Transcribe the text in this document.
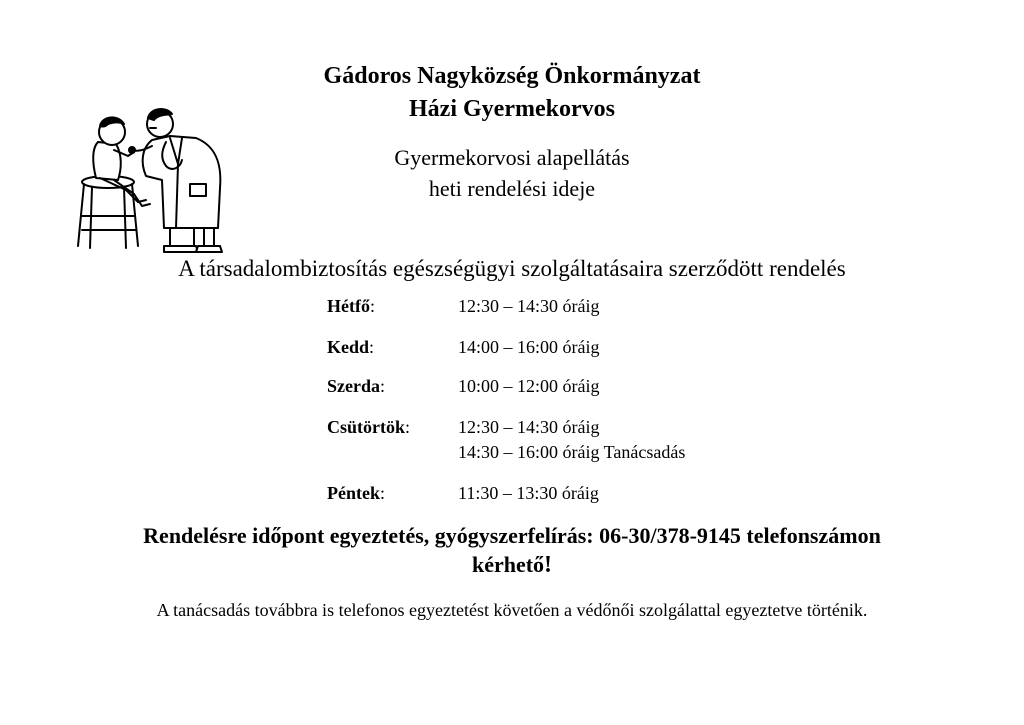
Gádoros Nagyközség Önkormányzat
Házi Gyermekorvos
Gyermekorvosi alapellátás
heti rendelési ideje
A társadalombiztosítás egészségügyi szolgáltatásaira szerződött rendelés
Hétfő:	12:30 – 14:30 óráig
Kedd:	14:00 – 16:00 óráig
Szerda:	10:00 – 12:00 óráig
Csütörtök:	12:30 – 14:30 óráig
14:30 – 16:00 óráig Tanácsadás
Péntek:	11:30 – 13:30 óráig
Rendelésre időpont egyeztetés, gyógyszerfelírás: 06-30/378-9145 telefonszámon
kérhető!
A tanácsadás továbbra is telefonos egyeztetést követően a védőnői szolgálattal egyeztetve történik.
